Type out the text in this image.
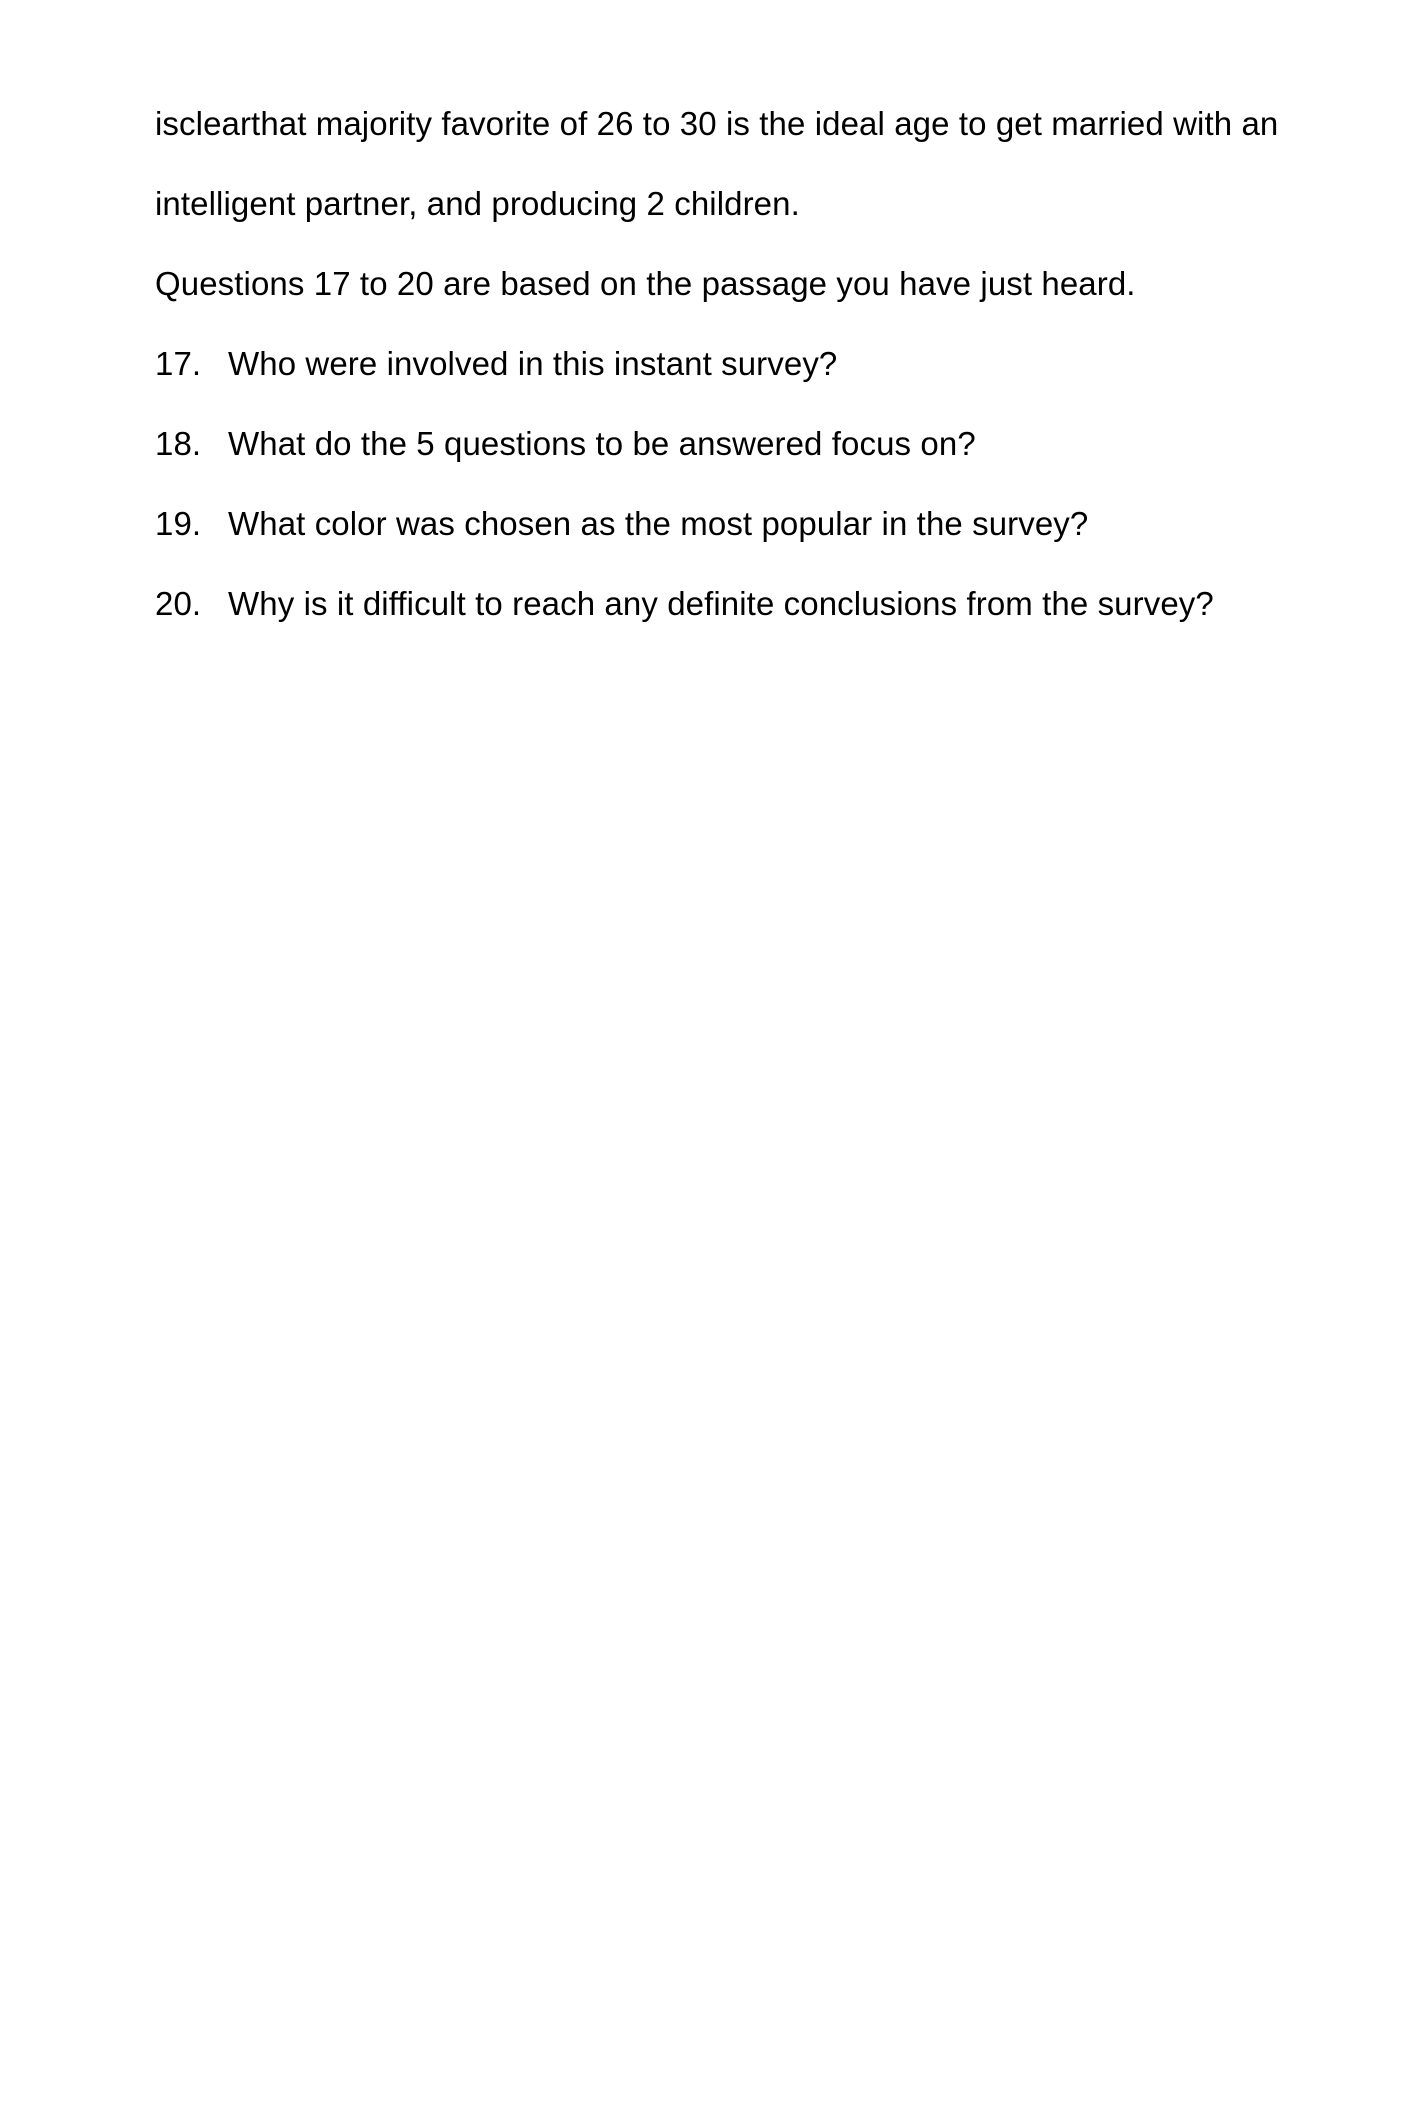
isclearthat majority favorite of 26 to 30 is the ideal age to get married with an
intelligent partner, and producing 2 children.
Questions 17 to 20 are based on the passage you have just heard.
17. Who were involved in this instant survey?
18. What do the 5 questions to be answered focus on?
19. What color was chosen as the most popular in the survey?
20. Why is it difficult to reach any definite conclusions from the survey?
